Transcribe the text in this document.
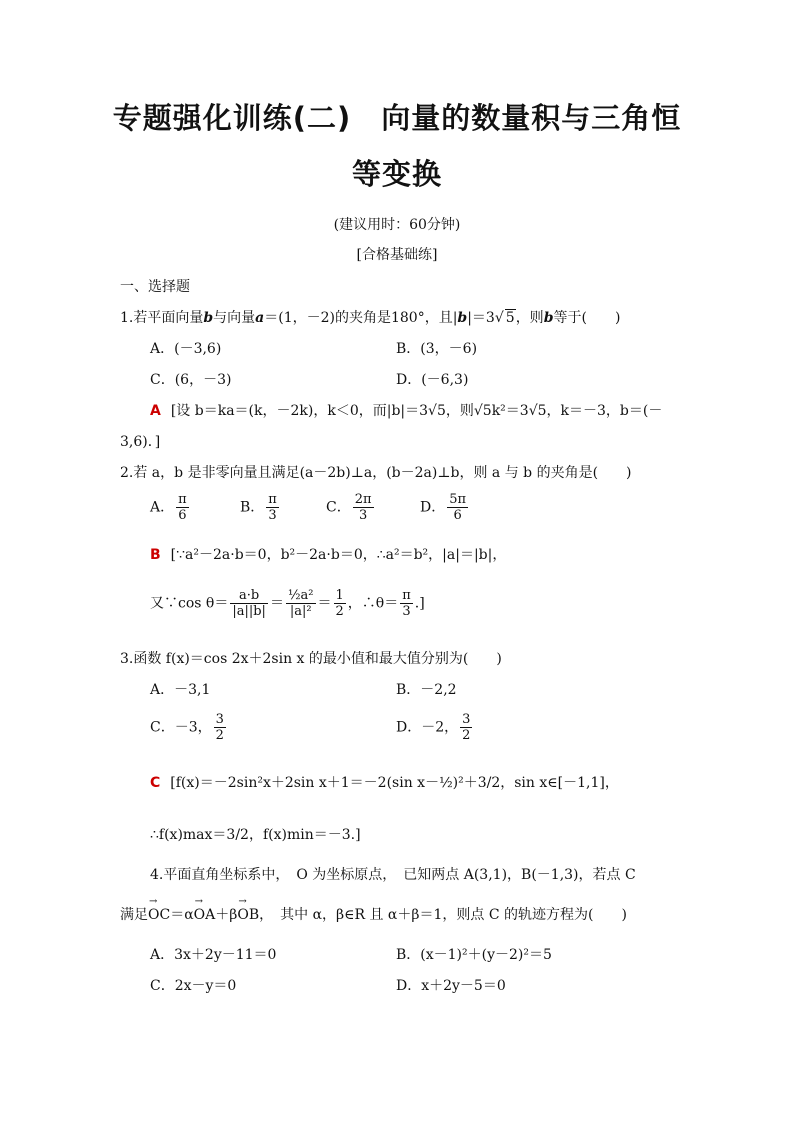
专题强化训练(二)　向量的数量积与三角恒
等变换
(建议用时：60分钟)
[合格基础练]
一、选择题
1.若平面向量b与向量a＝(1，－2)的夹角是180°，且|b|＝3√ 5，则b等于(　　)
A．(－3,6)	B．(3，－6)
C．(6，－3)	D．(－6,3)
A [设 b＝ka＝(k，－2k)，k＜0，而|b|＝3√5，则√5k²＝3√5，k＝－3，b＝(－
3,6)．]
2.若 a，b 是非零向量且满足(a－2b)⊥a，(b－2a)⊥b，则 a 与 b 的夹角是(　　)
A． $\frac{\pi}{6}$	B． $\frac{\pi}{3}$	C． $\frac{2\pi}{3}$	D． $\frac{5\pi}{6}$
B [∵a²－2a·b＝0，b²－2a·b＝0，∴a²＝b²，|a|＝|b|，
又∵cos $\theta= \frac{a\cdot b}{|a||b|} = \frac{\text{½a²}}{\text{|a|²}} = \frac{1}{2}$ ，∴θ＝ $\frac{\pi}{3}$ .]
3.函数 f(x)＝cos 2x＋2sin x 的最小值和最大值分别为(　　)
A．－3,1	B．－2,2
C．－3， $\frac{3}{2}$	D．－2， $\frac{3}{2}$
C [f(x)＝－2sin²x＋2sin x＋1＝－2(sin x－½)²＋3/2，sin x∈[－1,1]，
∴f(x)max＝3/2，f(x)min＝－3.]
4.平面直角坐标系中，　O 为坐标原点，　已知两点 A(3,1)，B(－1,3)，若点 C
满足→ OC＝α→ OA＋β→ OB，　其中 α，β∈R 且 α＋β＝1，则点 C 的轨迹方程为(　　)
A．3x＋2y－11＝0	B．(x－1)²＋(y－2)²＝5
C．2x－y＝0	D．x＋2y－5＝0
